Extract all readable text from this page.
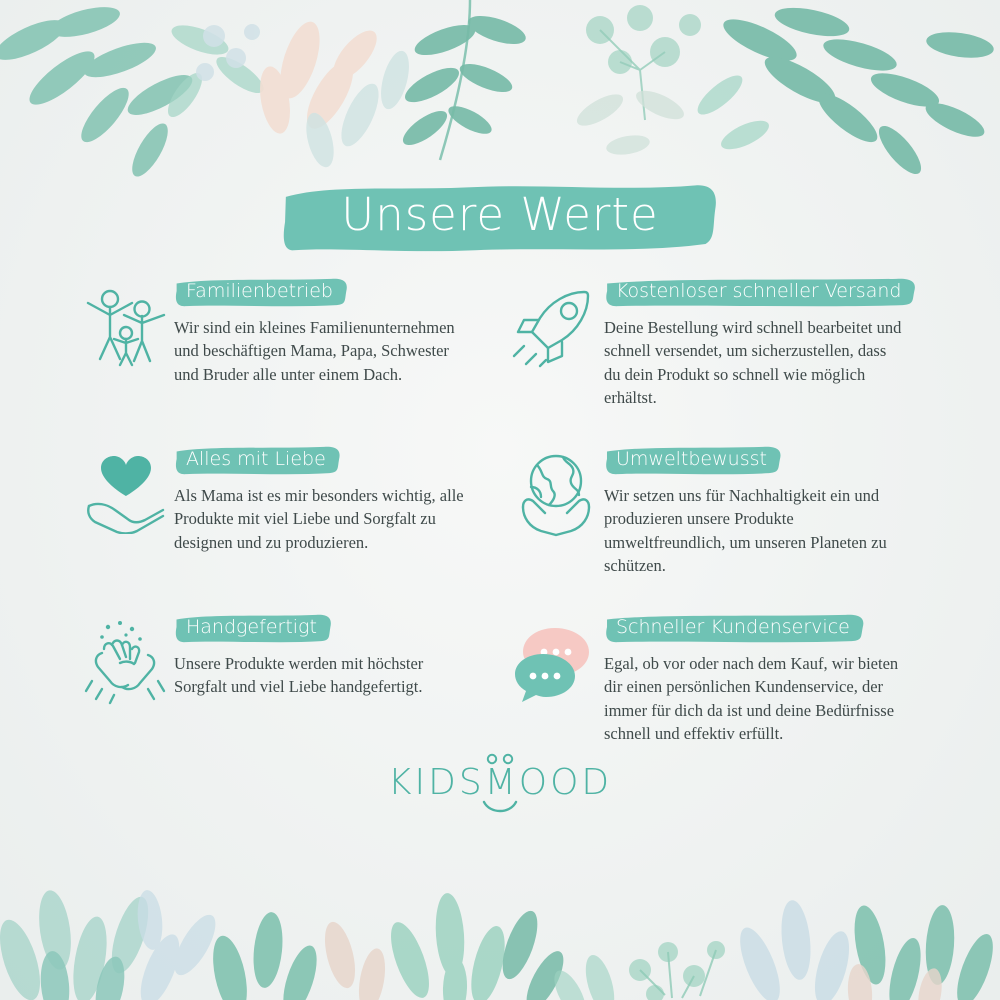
Unsere Werte
Familienbetrieb

Wir sind ein kleines Familienunternehmen und beschäftigen Mama, Papa, Schwester und Bruder alle unter einem Dach.

Kostenloser schneller Versand

Deine Bestellung wird schnell bearbeitet und schnell versendet, um sicherzustellen, dass du dein Produkt so schnell wie möglich erhältst.

Alles mit Liebe

Als Mama ist es mir besonders wichtig, alle Produkte mit viel Liebe und Sorgfalt zu designen und zu produzieren.

Umweltbewusst

Wir setzen uns für Nachhaltigkeit ein und produzieren unsere Produkte umweltfreundlich, um unseren Planeten zu schützen.

Handgefertigt

Unsere Produkte werden mit höchster Sorgfalt und viel Liebe handgefertigt.

Schneller Kundenservice

Egal, ob vor oder nach dem Kauf, wir bieten dir einen persönlichen Kundenservice, der immer für dich da ist und deine Bedürfnisse schnell und effektiv erfüllt.

KIDSMOOD
